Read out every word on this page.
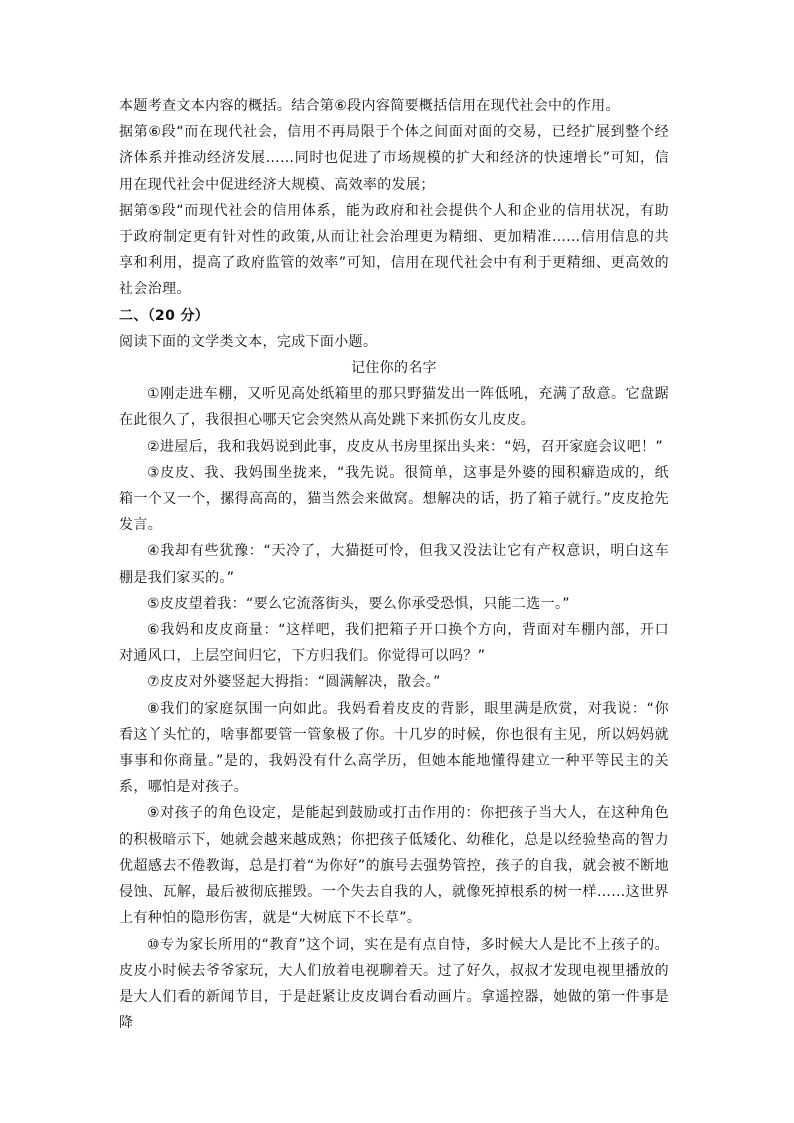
本题考查文本内容的概括。结合第⑥段内容简要概括信用在现代社会中的作用。

据第⑥段“而在现代社会，信用不再局限于个体之间面对面的交易，已经扩展到整个经济体系并推动经济发展……同时也促进了市场规模的扩大和经济的快速增长”可知，信用在现代社会中促进经济大规模、高效率的发展；

据第⑤段“而现代社会的信用体系，能为政府和社会提供个人和企业的信用状况，有助于政府制定更有针对性的政策,从而让社会治理更为精细、更加精准……信用信息的共享和利用，提高了政府监管的效率”可知，信用在现代社会中有利于更精细、更高效的社会治理。

二、（20 分）

阅读下面的文学类文本，完成下面小题。

记住你的名字

①刚走进车棚，又听见高处纸箱里的那只野猫发出一阵低吼，充满了敌意。它盘踞在此很久了，我很担心哪天它会突然从高处跳下来抓伤女儿皮皮。

②进屋后，我和我妈说到此事，皮皮从书房里探出头来：“妈，召开家庭会议吧！”

③皮皮、我、我妈围坐拢来，“我先说。很简单，这事是外婆的囤积癖造成的，纸箱一个又一个，摞得高高的，猫当然会来做窝。想解决的话，扔了箱子就行。”皮皮抢先发言。

④我却有些犹豫：“天冷了，大猫挺可怜，但我又没法让它有产权意识，明白这车棚是我们家买的。”

⑤皮皮望着我：“要么它流落街头，要么你承受恐惧，只能二选一。”

⑥我妈和皮皮商量：“这样吧，我们把箱子开口换个方向，背面对车棚内部，开口对通风口，上层空间归它，下方归我们。你觉得可以吗？”

⑦皮皮对外婆竖起大拇指：“圆满解决，散会。”

⑧我们的家庭氛围一向如此。我妈看着皮皮的背影，眼里满是欣赏，对我说：“你看这丫头忙的，啥事都要管一管象极了你。十几岁的时候，你也很有主见，所以妈妈就事事和你商量。”是的，我妈没有什么高学历，但她本能地懂得建立一种平等民主的关系，哪怕是对孩子。

⑨对孩子的角色设定，是能起到鼓励或打击作用的：你把孩子当大人，在这种角色的积极暗示下，她就会越来越成熟；你把孩子低矮化、幼稚化，总是以经验垫高的智力优超感去不倦教诲，总是打着“为你好”的旗号去强势管控，孩子的自我，就会被不断地侵蚀、瓦解，最后被彻底摧毁。一个失去自我的人，就像死掉根系的树一样……这世界上有种怕的隐形伤害，就是“大树底下不长草”。

⑩专为家长所用的“教育”这个词，实在是有点自恃，多时候大人是比不上孩子的。皮皮小时候去爷爷家玩，大人们放着电视聊着天。过了好久，叔叔才发现电视里播放的是大人们看的新闻节目，于是赶紧让皮皮调台看动画片。拿遥控器，她做的第一件事是降
